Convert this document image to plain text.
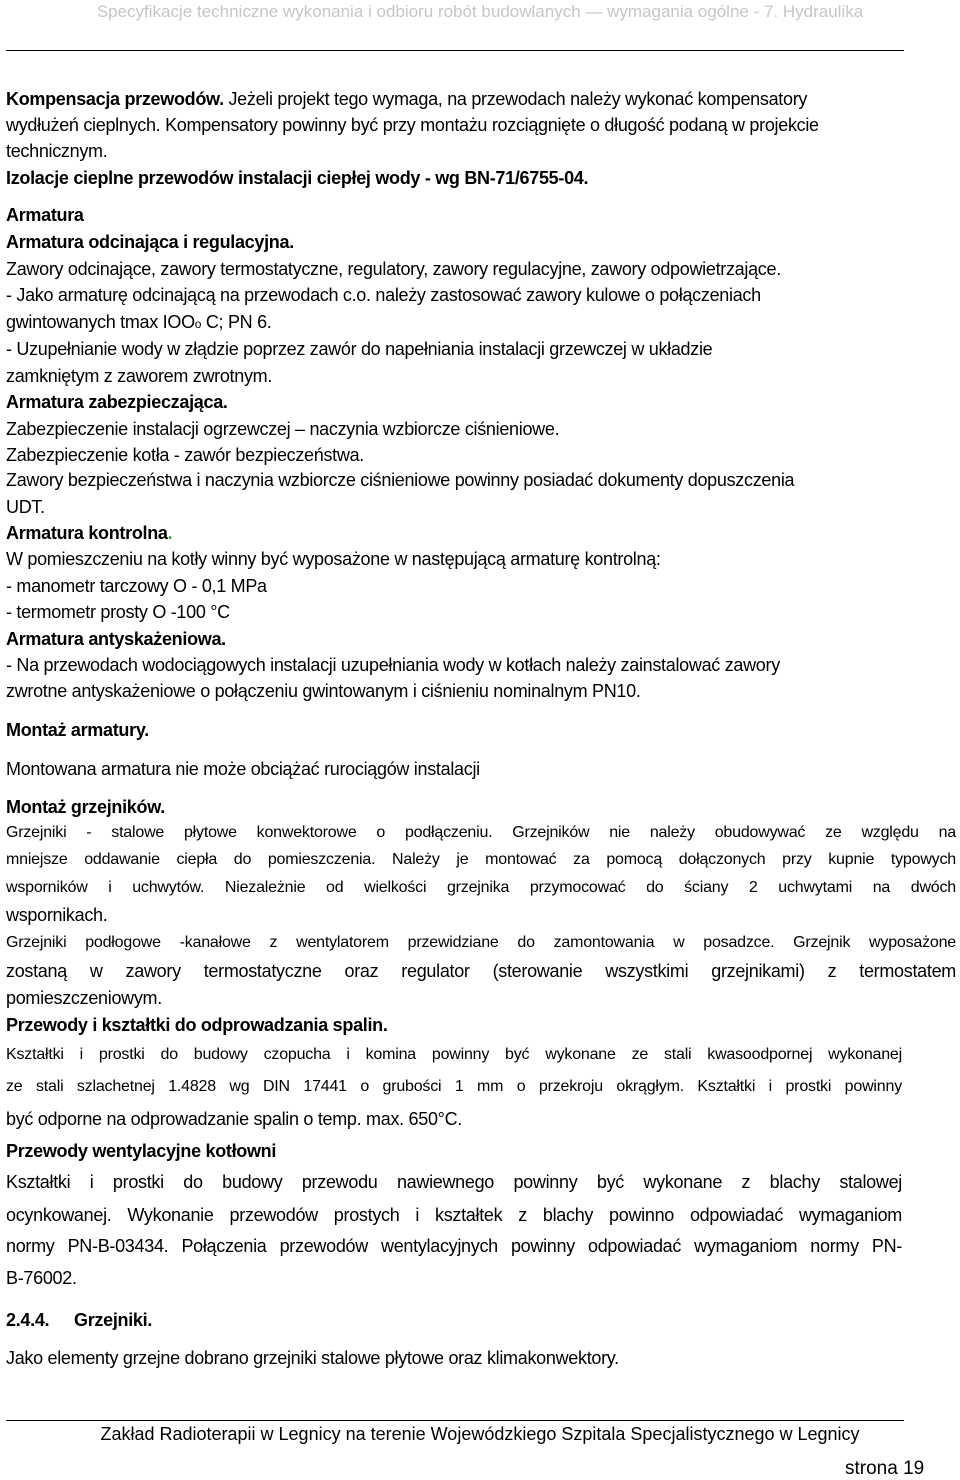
Specyfikacje techniczne wykonania i odbioru robót budowlanych — wymagania ogólne - 7. Hydraulika
Kompensacja przewodów. Jeżeli projekt tego wymaga, na przewodach należy wykonać kompensatory
wydłużeń cieplnych. Kompensatory powinny być przy montażu rozciągnięte o długość podaną w projekcie
technicznym.
Izolacje cieplne przewodów instalacji ciepłej wody - wg BN-71/6755-04.
Armatura
Armatura odcinająca i regulacyjna.
Zawory odcinające, zawory termostatyczne, regulatory, zawory regulacyjne, zawory odpowietrzające.
- Jako armaturę odcinającą na przewodach c.o. należy zastosować zawory kulowe o połączeniach
gwintowanych tmax IOOo C; PN 6.
- Uzupełnianie wody w złądzie poprzez zawór do napełniania instalacji grzewczej w układzie
zamkniętym z zaworem zwrotnym.
Armatura zabezpieczająca.
Zabezpieczenie instalacji ogrzewczej – naczynia wzbiorcze ciśnieniowe.
Zabezpieczenie kotła - zawór bezpieczeństwa.
Zawory bezpieczeństwa i naczynia wzbiorcze ciśnieniowe powinny posiadać dokumenty dopuszczenia
UDT.
Armatura kontrolna.
W pomieszczeniu na kotły winny być wyposażone w następującą armaturę kontrolną:
- manometr tarczowy O - 0,1 MPa
- termometr prosty O -100 °C
Armatura antyskażeniowa.
- Na przewodach wodociągowych instalacji uzupełniania wody w kotłach należy zainstalować zawory
zwrotne antyskażeniowe o połączeniu gwintowanym i ciśnieniu nominalnym PN10.
Montaż armatury.
Montowana armatura nie może obciążać rurociągów instalacji
Montaż grzejników.
Grzejniki - stalowe płytowe konwektorowe o podłączeniu. Grzejników nie należy obudowywać ze względu na
mniejsze oddawanie ciepła do pomieszczenia. Należy je montować za pomocą dołączonych przy kupnie typowych
wsporników i uchwytów. Niezależnie od wielkości grzejnika przymocować do ściany 2 uchwytami na dwóch
wspornikach.
Grzejniki podłogowe -kanałowe z wentylatorem przewidziane do zamontowania w posadzce. Grzejnik wyposażone
zostaną w zawory termostatyczne oraz regulator (sterowanie wszystkimi grzejnikami) z termostatem
pomieszczeniowym.
Przewody i kształtki do odprowadzania spalin.
Kształtki i prostki do budowy czopucha i komina powinny być wykonane ze stali kwasoodpornej wykonanej
ze stali szlachetnej 1.4828 wg DIN 17441 o grubości 1 mm o przekroju okrągłym. Kształtki i prostki powinny
być odporne na odprowadzanie spalin o temp. max. 650°C.
Przewody wentylacyjne kotłowni
Kształtki i prostki do budowy przewodu nawiewnego powinny być wykonane z blachy stalowej
ocynkowanej. Wykonanie przewodów prostych i kształtek z blachy powinno odpowiadać wymaganiom
normy PN-B-03434. Połączenia przewodów wentylacyjnych powinny odpowiadać wymaganiom normy PN-
B-76002.
2.4.4. Grzejniki.
Jako elementy grzejne dobrano grzejniki stalowe płytowe oraz klimakonwektory.
Zakład Radioterapii w Legnicy na terenie Wojewódzkiego Szpitala Specjalistycznego w Legnicy
strona 19
